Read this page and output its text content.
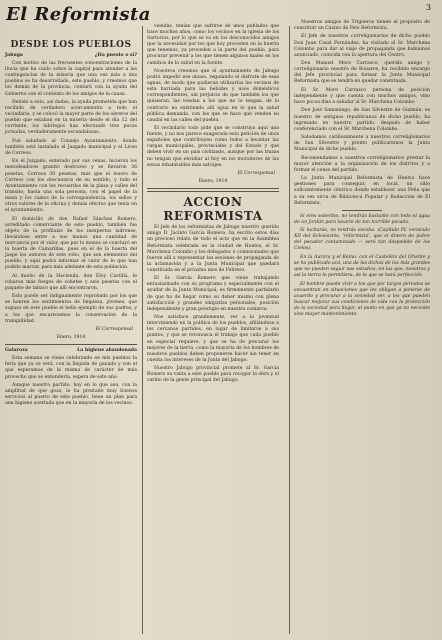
El Reformista	3
DESDE LOS PUEBLOS
Jabuga	¿Ha puesto o sí?

Con motivo de las frecuentes concentraciones de la lluvia que ha caído sobre la capital para atender a las contingencias de la miseria que una vez más a mis pueblos se ha desarrollado, este pueblo, y creemos que los demás de la provincia, contará con la ayuda del Gobierno con el contento de los amigos de la causa.

Debido a esto, así dadas, la ayuda prometida que han recibido de verdadero acercamiento a todo el vecindario, y se colocó la mayor parte de los obreros del pueblo que estaban en la miseria desde el día 12 del corriente, los labriegos han efectuado tres pocas jornadas, verdaderamente escandalosas.

Fué saludado al Consejo Ayuntamiento, donde también está instalado el Juzgado municipal y el Liceo de Correos.

En el Juzgado, enterado por sus venas, hicieron los merodeadores granito destrozos y se llevaron 36 pesetas. Correos 30 pesetas, más que el tesoro de Correos con los descuentos de su sentido, y todo el Ayuntamiento con los recuerdos de la plaza y calles del tránsito, hasta una sola persona, con el papel de la mesa y los ramos de la correspondencia, los sellos y otros valores de la oficina y demás efectos que tenía en el ayuntamiento.

El domicilio de don Rafael Sánchez Romero, acreditado comerciante de este pueblo, también fue objeto de la profilaxis de los inexpertos ladrones, llevándose entre a sus manos una cantidad de mercancía por el valor, que por lo menos se concluyó en la huerta de Camarillas, pues en el de la huerta del Jaspe los autores de este robo, que son elementos del pueblo, y aquí podrá informar el valor de lo que han podido marcar, para más adelante de esta población.

Al dueño de la Hacienda, don Eloy Castilla, le robaron más fuegos de cohetes y seis pesetas con el paquete de tabaco que allí encontraron.

Esto puede ser indignamente reprobado por los que se honren los sentimientos de limpieza, jóvenes, que supuso en este pueblo el bello ejemplo de sus padres, y a los que encarecemos la conservación de la tranquilidad.

El Corresponsal
Enero, 1914
Galaroza	La higiene abandonada

Esta semana se viene celebrando en mis pueblos la feria que ya se verá, con la llegada de ganado y con el que esperamos de la misma de carácter de más provecho que se entendería, espera de este año.

Aunque nuestro partido, hoy en lo que sea, con la amplitud de que goza, le ha prestado muy buenos servicios al puerto de este pueblo, tiene un plan para una higiene acertada que en la mayoría de los vecinos.

viendas, tenían que sufrirse de unos poblados que hace muchos años, como los vecinos en la iglesia de los Sartorios, por lo que se va en los desconocidos amigos que la necesidad por los que hoy proceden en la huerta que tenemos, ya proceden a la parte del pueblo, para procurar prevenir a los que tienen algunos males en los caminos de la salud en la fuente.

Nosotros creemos que el ayuntamiento de Jabugo podrá impedir ese abuso, regulando el disfrute de esas aguas, de modo que pudieran utilizarlas los vecinos de esta barriada para las bebidas y usos domésticos correspondientes, sin perjuicio de que también los que quisieran, las vendan a los que no lo tengan, de lo contrario no existiendo allí agua en lo que la salud pública demanda, con los que se hace que venden su caudal en las calles del pueblo.

El vecindario todo pide que se construya aquí una fuente, y no nos parece exagerada esta petición de unos españoles que contribuyen como todos a levantar las cargas municipales, provinciales y del Estado y que deben vivir en un país civilizado, aunque por las trazas no tengan que envidiar al hoy en los moradores de las zonas inhabitables más salvajes.

El Corresponsal
Enero, 1914
ACCION REFORMISTA

El Jefe de los reformistas de Jabugo nuestro querido amigo D. Jacinto García Romero, ha escrito estos días un precioso relato de todo el acto que en la Asamblea Reformista celebrada en la ciudad de Huelva, el Sr. Marchena Colombo y los delegados ó comisionados que fueron allí a representar las sesiones de propaganda de la aclamación y a la Junta Municipal que quedará constituida en el próximo mes de Febrero.

El Sr. García Romero que viene trabajando entusiasmado con su programa y especialmente con el ayudar de la Junta Municipal, es firmemente partidario de que ha de llegar como su deber mismo con plena satisfacción y grandes simpatías personales, posición independiente y gran prestigio en nuestra comarca.

Nos satisface grandemente, ver a la juventud interviniendo en la política de los pueblos, afiliándose a los cercanos partidos, en lugar de limitarse a sus puntos, y que se reconozca el trabajo que cada pueblo en especial requiere, y que se ha de procurar los mejores de la tierra, como la mayoría de los hombres de nuestros pueblos deben proponerse hacer sin tener en cuenta los intereses de la Junta del Jabugo.

Nuestro Jabugo provincial promete al Sr. García Romero su visita a este pueblo para recoger la obra y el cariño de la gente principal del Jabugo.

Nuestros amigos de Trigueros tienen el propósito de constituir un Casino de Pelo Reformista.

El Jefe de nuestros correligionarios de dicho pueblo Don Juan Casal Fernández, ha visitado al Sr. Marchena Colombo para dar al viaje de propaganda que habíamos anunciado, coincida con la apertura del Centro.

Don Manuel Moro Carrasco, querido amigo y correligionario nuestro de Bonares, ha recibido encargo del Jefe provincial para formar la Junta Municipal Reformista que se tendrá en quedar constituida.

El Sr. Moro Carrasco persona de posición independiente y que cuenta con muchos amigos, vino hace pocos días a saludar al Sr. Marchena Colombo.

Don José Samaniego, de San Silvestre de Guzmán, es nuestro de antiguos republicanos de dicho pueblo, ha ingresado en nuestro partido, después de haber conferenciado con el Sr. Marchena Colombo.

Saludamos cariñosamente a nuestros correligionarios de San Silvestre y pronto publicaremos la Junta Municipal de dicho pueblo.

Recomendamos a nuestros correligionarios prestar la mayor atención a la organización de los distritos y a formar el censo del partido.

La Junta Municipal Reformista de Huelva hace gestiones para conseguir, en local, un sitio suficientemente céntrico donde establecer una Peña que a su vez sirva de Biblioteca Popular y Redacción de El Reformista.

Si eres soberbio, no tendrás bastante con todo el agua de un Jordán para lavarte de tan horrible pecado.

Si lucharás, no tendrás escoba. (Capítulo IV, versículo XII del Eclesiastés, 'reformista', que el dinero de pobre del pecador contaminado — será tan despedido de los Cielos).

En la Aurora y el Reino, con el Castellón del Oriente y se ha publicado acá, una de las dichas de los más grandes que no pueden seguir sus estudios, en las que, nosotros y así la tierra lo permitiera, de la que se hará perfección.

El hombre puede vivir a los que por largos periodos se encuentran en situaciones que les obligan a ponerse de acuerdo y procurar a la sociedad ser, a los que pueden buscar mejorar sus condiciones de vida con la protección de la sociedad para llegar, al punto en que ya no necesite sino mayor mantenimiento.
